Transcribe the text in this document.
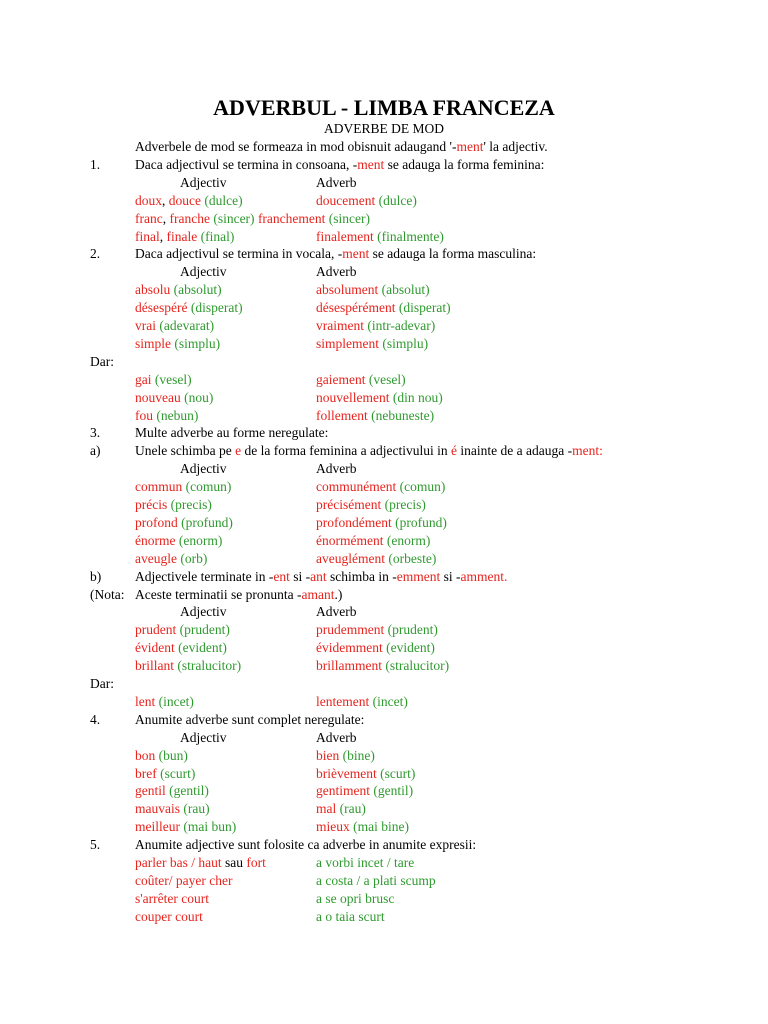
ADVERBUL - LIMBA FRANCEZA
ADVERBE DE MOD
Adverbele de mod se formeaza in mod obisnuit adaugand '-ment' la adjectiv.
1.	Daca adjectivul se termina in consoana, -ment se adauga la forma feminina:
Adjectiv	Adverb
doux, douce (dulce)	doucement (dulce)
franc, franche (sincer) franchement (sincer)
final, finale (final)	finalement (finalmente)
2.	Daca adjectivul se termina in vocala, -ment se adauga la forma masculina:
Adjectiv	Adverb
absolu (absolut)	absolument (absolut)
désespéré (disperat)	désespérément (disperat)
vrai (adevarat)	vraiment (intr-adevar)
simple (simplu)	simplement (simplu)
Dar:
gai (vesel)	gaiement (vesel)
nouveau (nou)	nouvellement (din nou)
fou (nebun)	follement (nebuneste)
3.	Multe adverbe au forme neregulate:
a)	Unele schimba pe e de la forma feminina a adjectivului in é inainte de a adauga -ment:
Adjectiv	Adverb
commun (comun)	communément (comun)
précis (precis)	précisément (precis)
profond (profund)	profondément (profund)
énorme (enorm)	énormément (enorm)
aveugle (orb)	aveuglément (orbeste)
b)	Adjectivele terminate in -ent si -ant schimba in -emment si -amment.
(Nota: Aceste terminatii se pronunta -amant.)
Adjectiv	Adverb
prudent (prudent)	prudemment (prudent)
évident (evident)	évidemment (evident)
brillant (stralucitor)	brillamment (stralucitor)
Dar:
lent (incet)	lentement (incet)
4.	Anumite adverbe sunt complet neregulate:
Adjectiv	Adverb
bon (bun)	bien (bine)
bref (scurt)	brièvement (scurt)
gentil (gentil)	gentiment (gentil)
mauvais (rau)	mal (rau)
meilleur (mai bun)	mieux (mai bine)
5.	Anumite adjective sunt folosite ca adverbe in anumite expresii:
parler bas / haut sau fort	a vorbi incet / tare
coûter/ payer cher	a costa / a plati scump
s'arrêter court	a se opri brusc
couper court	a o taia scurt
